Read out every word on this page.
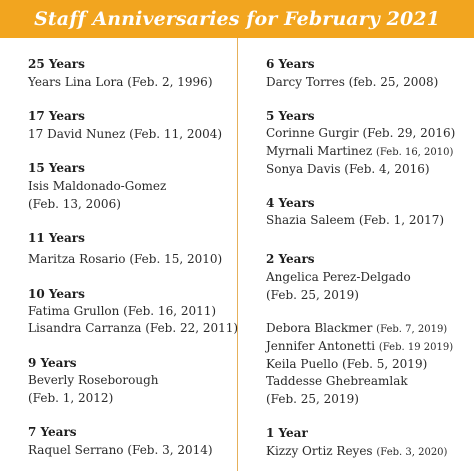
Staff Anniversaries for February 2021
25 Years
Years Lina Lora (Feb. 2, 1996)
17 Years
17 David Nunez (Feb. 11, 2004)
15 Years
Isis Maldonado-Gomez
(Feb. 13, 2006)
11 Years
Maritza Rosario (Feb. 15, 2010)
10 Years
Fatima Grullon (Feb. 16, 2011)
Lisandra Carranza (Feb. 22, 2011)
9 Years
Beverly Roseborough
(Feb. 1, 2012)
7 Years
Raquel Serrano (Feb. 3, 2014)
6 Years
Darcy Torres (feb. 25, 2008)
5 Years
Corinne Gurgir (Feb. 29, 2016)
Myrnali Martinez (Feb. 16, 2010)
Sonya Davis (Feb. 4, 2016)
4 Years
Shazia Saleem (Feb. 1, 2017)
2 Years
Angelica Perez-Delgado
(Feb. 25, 2019)
Debora Blackmer (Feb. 7, 2019)
Jennifer Antonetti (Feb. 19 2019)
Keila Puello (Feb. 5, 2019)
Taddesse Ghebreamlak
(Feb. 25, 2019)
1 Year
Kizzy Ortiz Reyes (Feb. 3, 2020)
